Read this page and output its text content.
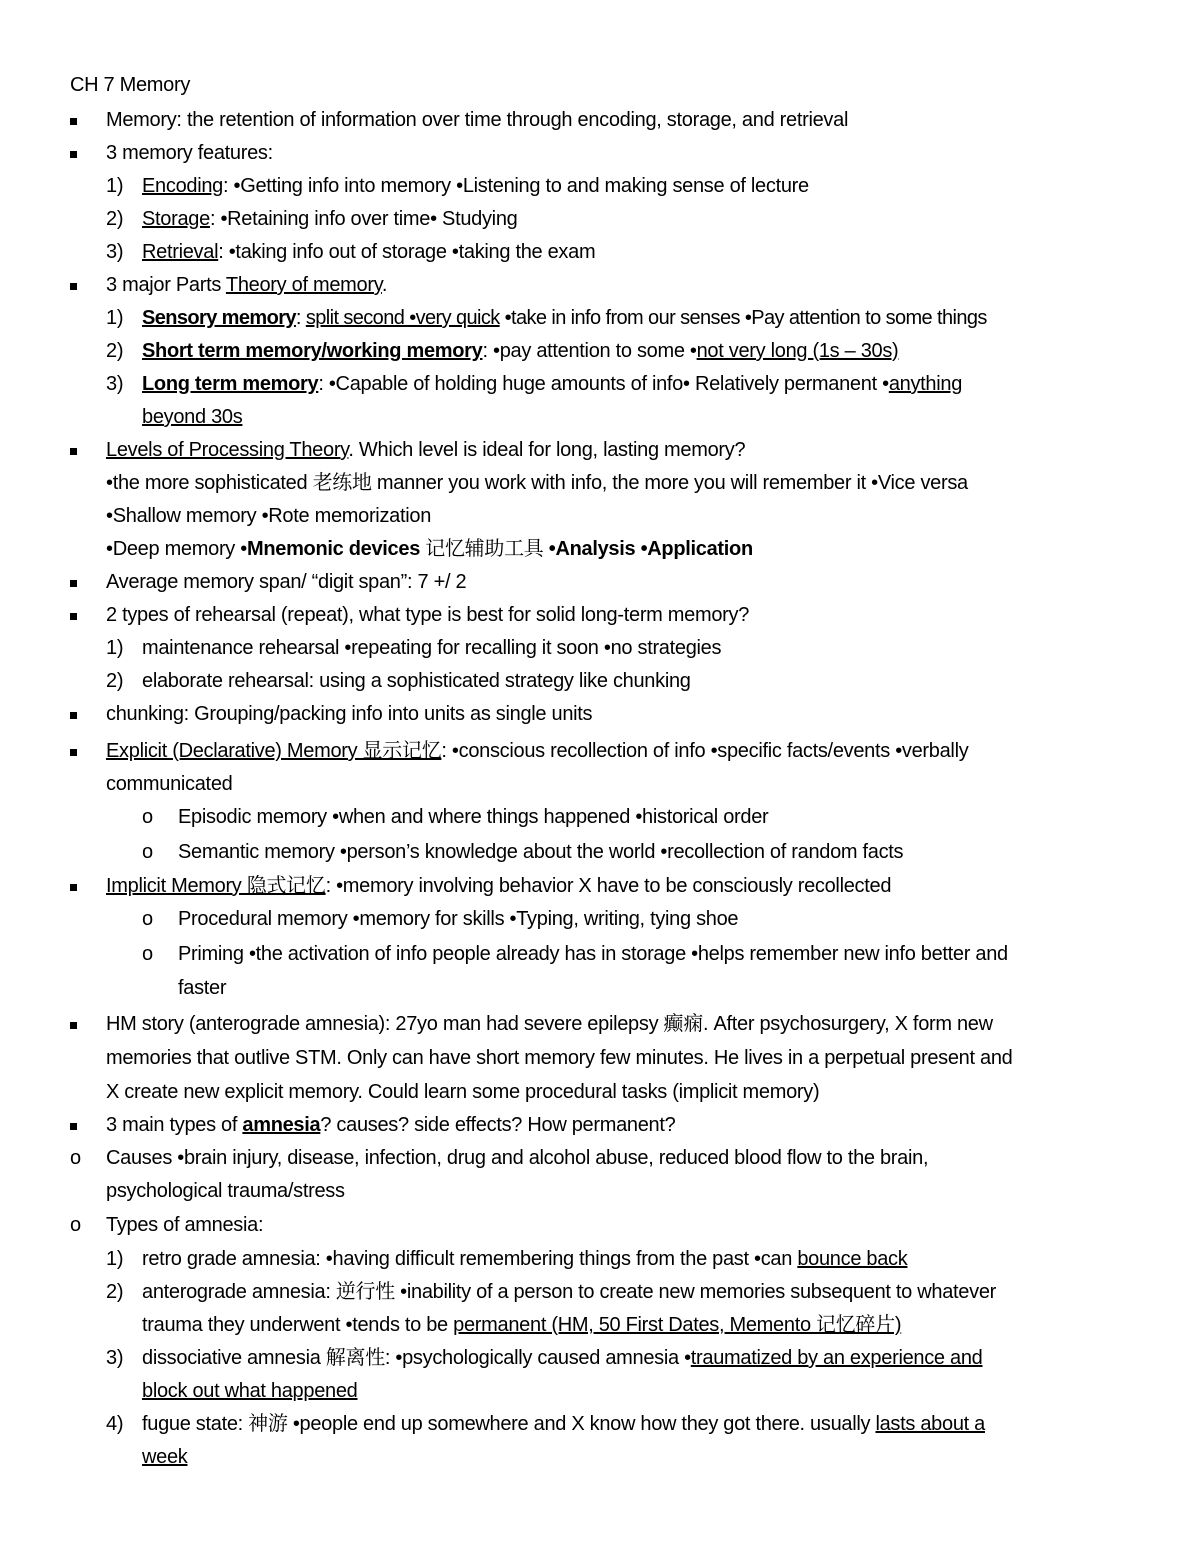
CH 7 Memory
Memory: the retention of information over time through encoding, storage, and retrieval
3 memory features:
1) Encoding: •Getting info into memory •Listening to and making sense of lecture
2) Storage: •Retaining info over time• Studying
3) Retrieval: •taking info out of storage •taking the exam
3 major Parts Theory of memory.
1) Sensory memory: split second •very quick •take in info from our senses •Pay attention to some things
2) Short term memory/working memory: •pay attention to some •not very long (1s – 30s)
3) Long term memory: •Capable of holding huge amounts of info• Relatively permanent •anything
beyond 30s
Levels of Processing Theory. Which level is ideal for long, lasting memory?
•the more sophisticated 老练地 manner you work with info, the more you will remember it •Vice versa
•Shallow memory •Rote memorization
•Deep memory •Mnemonic devices 记忆辅助工具 •Analysis •Application
Average memory span/ “digit span”: 7 +/ 2
2 types of rehearsal (repeat), what type is best for solid long-term memory?
1) maintenance rehearsal •repeating for recalling it soon •no strategies
2) elaborate rehearsal: using a sophisticated strategy like chunking
chunking: Grouping/packing info into units as single units
Explicit (Declarative) Memory 显示记忆: •conscious recollection of info •specific facts/events •verbally
communicated
o Episodic memory •when and where things happened •historical order
o Semantic memory •person’s knowledge about the world •recollection of random facts
Implicit Memory 隐式记忆: •memory involving behavior X have to be consciously recollected
o Procedural memory •memory for skills •Typing, writing, tying shoe
o Priming •the activation of info people already has in storage •helps remember new info better and
faster
HM story (anterograde amnesia): 27yo man had severe epilepsy 癫痫. After psychosurgery, X form new
memories that outlive STM. Only can have short memory few minutes. He lives in a perpetual present and
X create new explicit memory. Could learn some procedural tasks (implicit memory)
3 main types of amnesia? causes? side effects? How permanent?
o Causes •brain injury, disease, infection, drug and alcohol abuse, reduced blood flow to the brain,
psychological trauma/stress
o Types of amnesia:
1) retro grade amnesia: •having difficult remembering things from the past •can bounce back
2) anterograde amnesia: 逆行性 •inability of a person to create new memories subsequent to whatever
trauma they underwent •tends to be permanent (HM, 50 First Dates, Memento 记忆碎片)
3) dissociative amnesia 解离性: •psychologically caused amnesia •traumatized by an experience and
block out what happened
4) fugue state: 神游 •people end up somewhere and X know how they got there. usually lasts about a
week
